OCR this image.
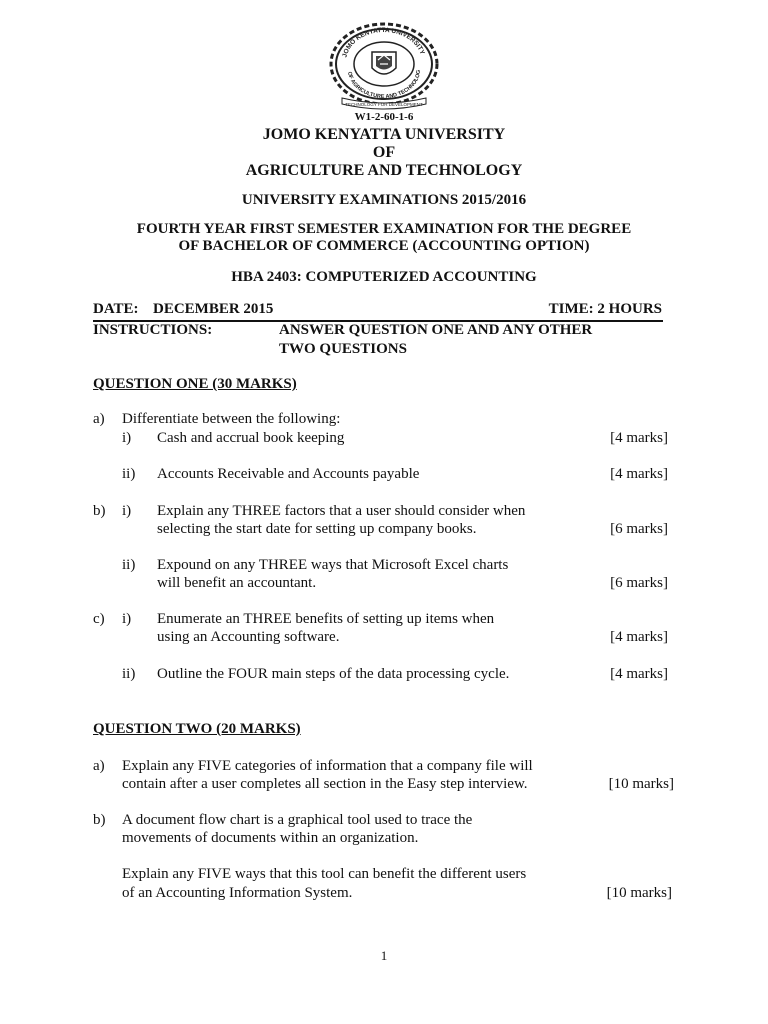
JOMO KENYATTA UNIVERSITY
OF AGRICULTURE AND TECHNOLOG
TECHNOLOGY FOR DEVELOPMENT
W1-2-60-1-6
JOMO KENYATTA UNIVERSITY
OF
AGRICULTURE AND TECHNOLOGY
UNIVERSITY EXAMINATIONS 2015/2016
FOURTH YEAR FIRST SEMESTER EXAMINATION FOR THE DEGREE
OF BACHELOR OF COMMERCE (ACCOUNTING OPTION)
HBA 2403: COMPUTERIZED ACCOUNTING
DATE: DECEMBER 2015	TIME: 2 HOURS
INSTRUCTIONS:	ANSWER QUESTION ONE AND ANY OTHER
TWO QUESTIONS
QUESTION ONE (30 MARKS)
a) Differentiate between the following:
i) Cash and accrual book keeping	[4 marks]
ii) Accounts Receivable and Accounts payable	[4 marks]
b) i) Explain any THREE factors that a user should consider when
selecting the start date for setting up company books.	[6 marks]
ii) Expound on any THREE ways that Microsoft Excel charts
will benefit an accountant.	[6 marks]
c) i) Enumerate an THREE benefits of setting up items when
using an Accounting software.	[4 marks]
ii) Outline the FOUR main steps of the data processing cycle.	[4 marks]
QUESTION TWO (20 MARKS)
a) Explain any FIVE categories of information that a company file will
contain after a user completes all section in the Easy step interview.	[10 marks]
b) A document flow chart is a graphical tool used to trace the
movements of documents within an organization.
Explain any FIVE ways that this tool can benefit the different users
of an Accounting Information System.	[10 marks]
1
